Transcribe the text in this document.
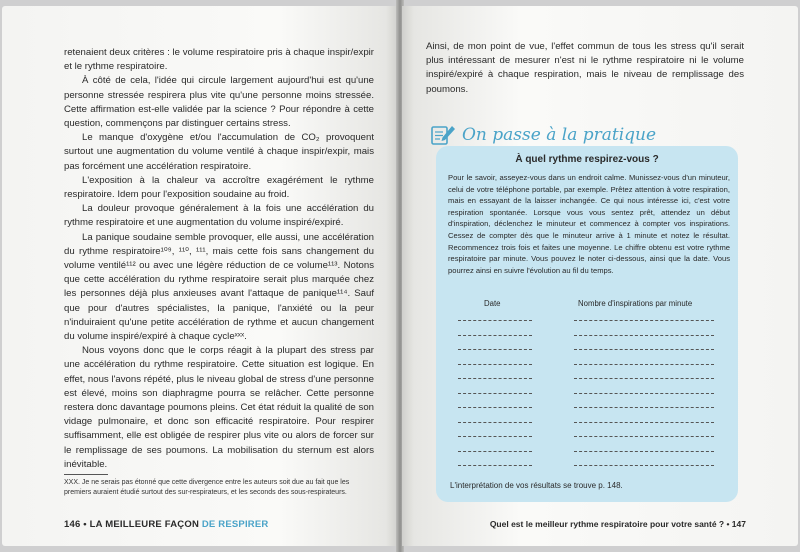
retenaient deux critères : le volume respiratoire pris à chaque inspir/expir et le rythme respiratoire.

À côté de cela, l'idée qui circule largement aujourd'hui est qu'une personne stressée respirera plus vite qu'une personne moins stressée. Cette affirmation est-elle validée par la science ? Pour répondre à cette question, commençons par distinguer certains stress.

Le manque d'oxygène et/ou l'accumulation de CO₂ provoquent surtout une augmentation du volume ventilé à chaque inspir/expir, mais pas forcément une accélération respiratoire.

L'exposition à la chaleur va accroître exagérément le rythme respiratoire. Idem pour l'exposition soudaine au froid.

La douleur provoque généralement à la fois une accélération du rythme respiratoire et une augmentation du volume inspiré/expiré.

La panique soudaine semble provoquer, elle aussi, une accélération du rythme respiratoire¹⁰⁹, ¹¹⁰, ¹¹¹, mais cette fois sans changement du volume ventilé¹¹² ou avec une légère réduction de ce volume¹¹³. Notons que cette accélération du rythme respiratoire serait plus marquée chez les personnes déjà plus anxieuses avant l'attaque de panique¹¹⁴. Sauf que pour d'autres spécialistes, la panique, l'anxiété ou la peur n'induiraient qu'une petite accélération de rythme et aucun changement du volume inspiré/expiré à chaque cycleˣˣˣ.

Nous voyons donc que le corps réagit à la plupart des stress par une accélération du rythme respiratoire. Cette situation est logique. En effet, nous l'avons répété, plus le niveau global de stress d'une personne est élevé, moins son diaphragme pourra se relâcher. Cette personne restera donc davantage poumons pleins. Cet état réduit la qualité de son vidage pulmonaire, et donc son efficacité respiratoire. Pour respirer suffisamment, elle est obligée de respirer plus vite ou alors de forcer sur le remplissage de ses poumons. La mobilisation du sternum est alors inévitable.

XXX. Je ne serais pas étonné que cette divergence entre les auteurs soit due au fait que les premiers auraient étudié surtout des sur-respirateurs, et les seconds des sous-respirateurs.
146 • LA MEILLEURE FAÇON DE RESPIRER

Ainsi, de mon point de vue, l'effet commun de tous les stress qu'il serait plus intéressant de mesurer n'est ni le rythme respiratoire ni le volume inspiré/expiré à chaque respiration, mais le niveau de remplissage des poumons.

On passe à la pratique
À quel rythme respirez-vous ?
Pour le savoir, asseyez-vous dans un endroit calme. Munissez-vous d'un minuteur, celui de votre téléphone portable, par exemple. Prêtez attention à votre respiration, mais en essayant de la laisser inchangée. Ce qui nous intéresse ici, c'est votre respiration spontanée. Lorsque vous vous sentez prêt, attendez un début d'inspiration, déclenchez le minuteur et commencez à compter vos inspirations. Cessez de compter dès que le minuteur arrive à 1 minute et notez le résultat. Recommencez trois fois et faites une moyenne. Le chiffre obtenu est votre rythme respiratoire par minute. Vous pouvez le noter ci-dessous, ainsi que la date. Vous pourrez ainsi en suivre l'évolution au fil du temps.
Date	Nombre d'inspirations par minute
L'interprétation de vos résultats se trouve p. 148.
Quel est le meilleur rythme respiratoire pour votre santé ? • 147
